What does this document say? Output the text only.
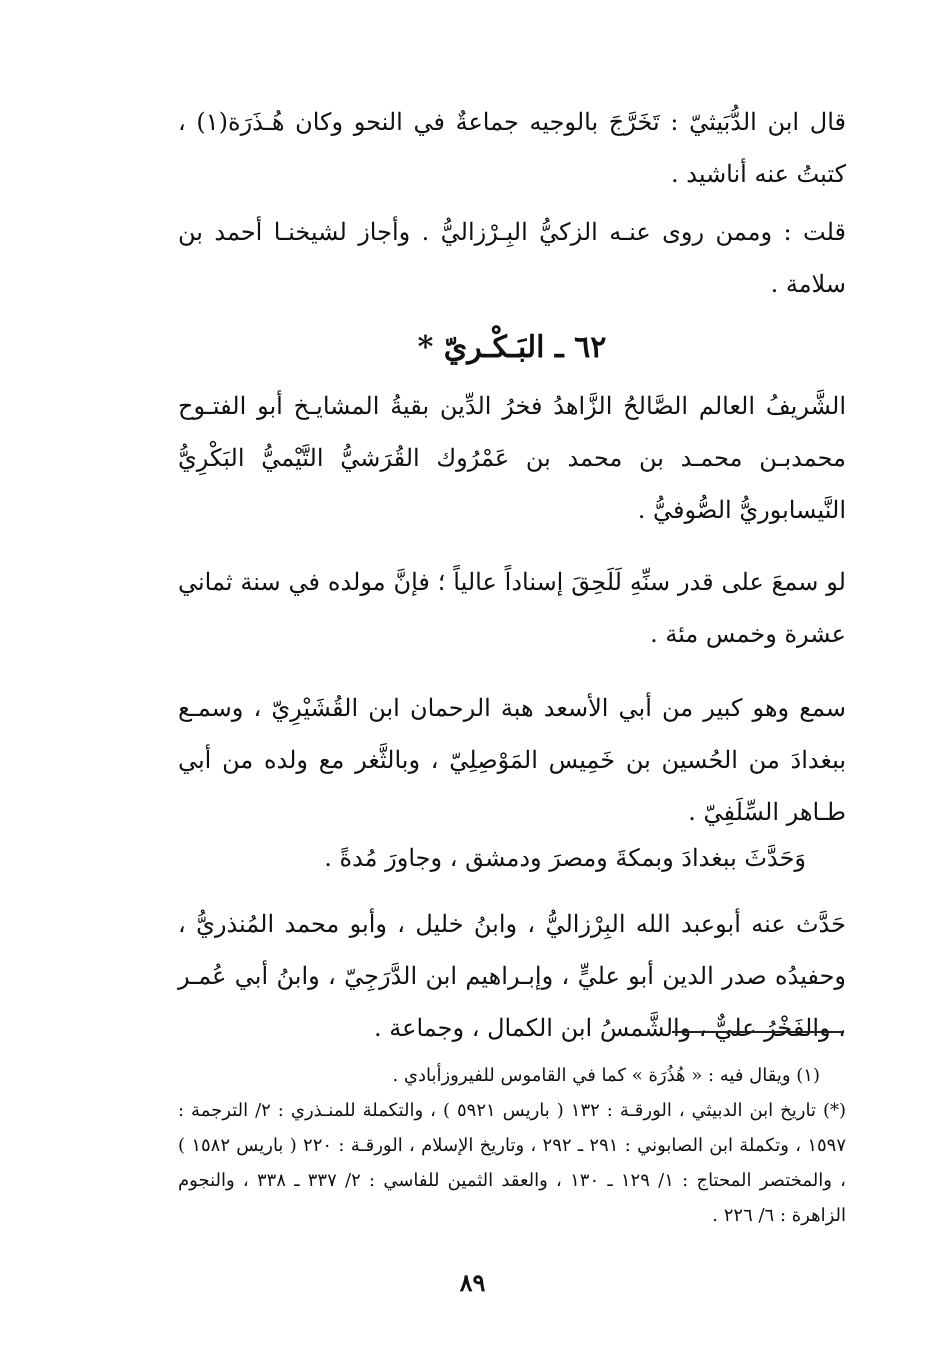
قال ابن الدُّبَيثيّ : تَخَرَّجَ بالوجيه جماعةٌ في النحو وكان هُـذَرَة(١) ، كتبتُ عنه أناشيد .

قلت : وممن روى عنـه الزكيُّ البِـرْزاليُّ . وأجاز لشيخنـا أحمد بن سلامة .

٦٢ ـ البَـكْـريّ *

الشَّريفُ العالم الصَّالحُ الزَّاهدُ فخرُ الدِّين بقيةُ المشايـخ أبو الفتـوح محمدبـن محمـد بن محمد بن عَمْرُوك القُرَشيُّ التَّيْميُّ البَكْرِيُّ النَّيسابوريُّ الصُّوفيُّ .

لو سمعَ على قدر سنِّهِ لَلَحِقَ إسناداً عالياً ؛ فإنَّ مولده في سنة ثماني عشرة وخمس مئة .

سمع وهو كبير من أبي الأسعد هبة الرحمان ابن القُشَيْرِيّ ، وسمـع ببغدادَ من الحُسين بن خَمِيس المَوْصِلِيّ ، وبالثَّغر مع ولده من أبي طـاهر السِّلَفِيّ .

وَحَدَّثَ ببغدادَ وبمكةَ ومصرَ ودمشق ، وجاورَ مُدةً .

حَدَّث عنه أبوعبد الله البِرْزاليُّ ، وابنُ خليل ، وأبو محمد المُنذريُّ ، وحفيدُه صدر الدين أبو عليٍّ ، وإبـراهيم ابن الدَّرَجِيّ ، وابنُ أبي عُمـر ، والفَخْرُ عليٌّ ، والشَّمسُ ابن الكمال ، وجماعة .

(١) ويقال فيه : « هُذُرَة » كما في القاموس للفيروزأبادي .

(*) تاريخ ابن الدبيثي ، الورقـة : ١٣٢ ( باريس ٥٩٢١ ) ، والتكملة للمنـذري : ٢/ الترجمة : ١٥٩٧ ، وتكملة ابن الصابوني : ٢٩١ ـ ٢٩٢ ، وتاريخ الإسلام ، الورقـة : ٢٢٠ ( باريس ١٥٨٢ ) ، والمختصر المحتاج : ١/ ١٢٩ ـ ١٣٠ ، والعقد الثمين للفاسي : ٢/ ٣٣٧ ـ ٣٣٨ ، والنجوم الزاهرة : ٦/ ٢٢٦ .

٨٩
